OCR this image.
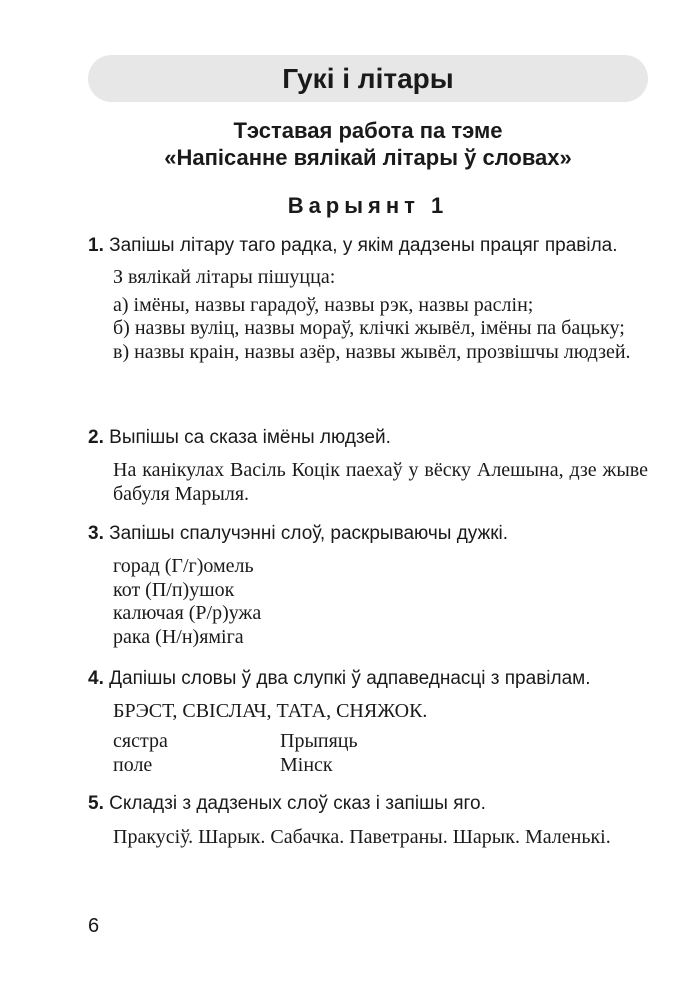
Гукі і літары
Тэставая работа па тэме
«Напісанне вялікай літары ў словах»
Варыянт 1
1. Запішы літару таго радка, у якім дадзены працяг правіла.

З вялікай літары пішуцца:

а) імёны, назвы гарадоў, назвы рэк, назвы раслін;

б) назвы вуліц, назвы мораў, клічкі жывёл, імёны па бацьку;

в) назвы краін, назвы азёр, назвы жывёл, прозвішчы людзей.

2. Выпішы са сказа імёны людзей.
На канікулах Васіль Коцік паехаў у вёску Алешына, дзе жыве бабуля Марыля.
3. Запішы спалучэнні слоў, раскрываючы дужкі.

горад (Г/г)омель

кот (П/п)ушок

калючая (Р/р)ужа

рака (Н/н)яміга

4. Дапішы словы ў два слупкі ў адпаведнасці з правілам.
БРЭСТ, СВІСЛАЧ, ТАТА, СНЯЖОК.
сястра
поле
Прыпяць
Мінск
5. Складзі з дадзеных слоў сказ і запішы яго.
Пракусіў. Шарык. Сабачка. Паветраны. Шарык. Маленькі.
6
